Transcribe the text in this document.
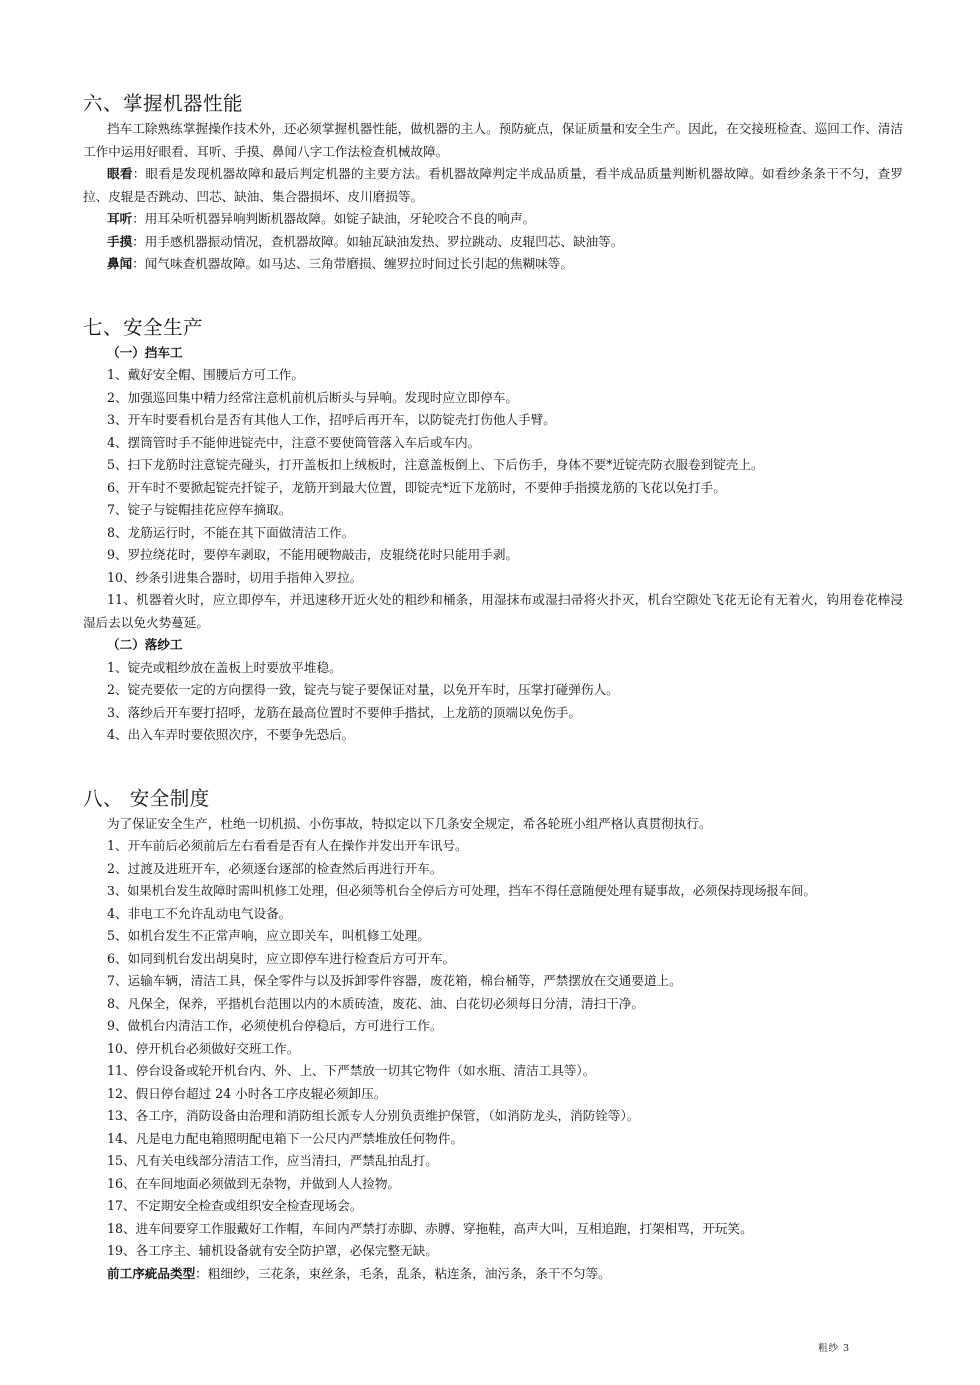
六、掌握机器性能
挡车工除熟练掌握操作技术外，还必须掌握机器性能，做机器的主人。预防疵点，保证质量和安全生产。因此，在交接班检查、巡回工作、清洁工作中运用好眼看、耳听、手摸、鼻闻八字工作法检查机械故障。
眼看：眼看是发现机器故障和最后判定机器的主要方法。看机器故障判定半成品质量，看半成品质量判断机器故障。如看纱条条干不匀，查罗拉、皮辊是否跳动、凹芯、缺油、集合器损坏、皮川磨损等。
耳听：用耳朵听机器异响判断机器故障。如锭子缺油，牙轮咬合不良的响声。
手摸：用手感机器振动情况，查机器故障。如轴瓦缺油发热、罗拉跳动、皮辊凹芯、缺油等。
鼻闻：闻气味查机器故障。如马达、三角带磨损、缠罗拉时间过长引起的焦糊味等。
七、安全生产
（一）挡车工
1、戴好安全帽、围腰后方可工作。
2、加强巡回集中精力经常注意机前机后断头与异响。发现时应立即停车。
3、开车时要看机台是否有其他人工作，招呼后再开车，以防锭壳打伤他人手臂。
4、摆筒管时手不能伸进锭壳中，注意不要使筒管落入车后或车内。
5、扫下龙筋时注意锭壳碰头，打开盖板扣上绒板时，注意盖板倒上、下后伤手，身体不要*近锭壳防衣服卷到锭壳上。
6、开车时不要掀起锭壳扦锭子，龙筋开到最大位置，即锭壳*近下龙筋时，不要伸手指摸龙筋的飞花以免打手。
7、锭子与锭帽挂花应停车摘取。
8、龙筋运行时，不能在其下面做清洁工作。
9、罗拉绕花时，要停车剥取，不能用硬物敲击，皮辊绕花时只能用手剥。
10、纱条引进集合器时，切用手指伸入罗拉。
11、机器着火时，应立即停车，并迅速移开近火处的粗纱和桶条，用湿抹布或湿扫帚将火扑灭，机台空隙处飞花无论有无着火，钩用卷花棒浸湿后去以免火势蔓延。
（二）落纱工
1、锭壳或粗纱放在盖板上时要放平堆稳。
2、锭壳要依一定的方向摆得一致，锭壳与锭子要保证对量，以免开车时，压掌打碰弹伤人。
3、落纱后开车要打招呼，龙筋在最高位置时不要伸手揩拭，上龙筋的顶端以免伤手。
4、出入车弄时要依照次序，不要争先恐后。
八、 安全制度
为了保证安全生产，杜绝一切机损、小伤事故，特拟定以下几条安全规定，希各轮班小组严格认真贯彻执行。
1、开车前后必须前后左右看看是否有人在操作并发出开车讯号。
2、过渡及进班开车，必须逐台逐部的检查然后再进行开车。
3、如果机台发生故障时需叫机修工处理，但必须等机台全停后方可处理，挡车不得任意随便处理有疑事故，必须保持现场报车间。
4、非电工不允许乱动电气设备。
5、如机台发生不正常声响，应立即关车，叫机修工处理。
6、如同到机台发出胡臭时，应立即停车进行检查后方可开车。
7、运输车辆，清洁工具，保全零件与以及拆卸零件容器，废花箱，棉台桶等，严禁摆放在交通要道上。
8、凡保全，保养，平揩机台范围以内的木质砖渣，废花、油、白花切必须每日分清，清扫干净。
9、做机台内清洁工作，必须使机台停稳后，方可进行工作。
10、停开机台必须做好交班工作。
11、停台设备或轮开机台内、外、上、下严禁放一切其它物件（如水瓶、清洁工具等）。
12、假日停台超过 24 小时各工序皮辊必须卸压。
13、各工序，消防设备由治理和消防组长派专人分别负责维护保管，（如消防龙头，消防铨等）。
14、凡是电力配电箱照明配电箱下一公尺内严禁堆放任何物件。
15、凡有关电线部分清洁工作，应当清扫，严禁乱拍乱打。
16、在车间地面必须做到无杂物，并做到人人捡物。
17、不定期安全检查或组织安全检查现场会。
18、进车间要穿工作服戴好工作帽，车间内严禁打赤脚、赤膊、穿拖鞋，高声大叫，互相追跑，打架相骂，开玩笑。
19、各工序主、辅机设备就有安全防护罩，必保完整无缺。
前工序疵品类型：粗细纱，三花条，束丝条，毛条，乱条，粘连条，油污条，条干不匀等。
粗纱 3
